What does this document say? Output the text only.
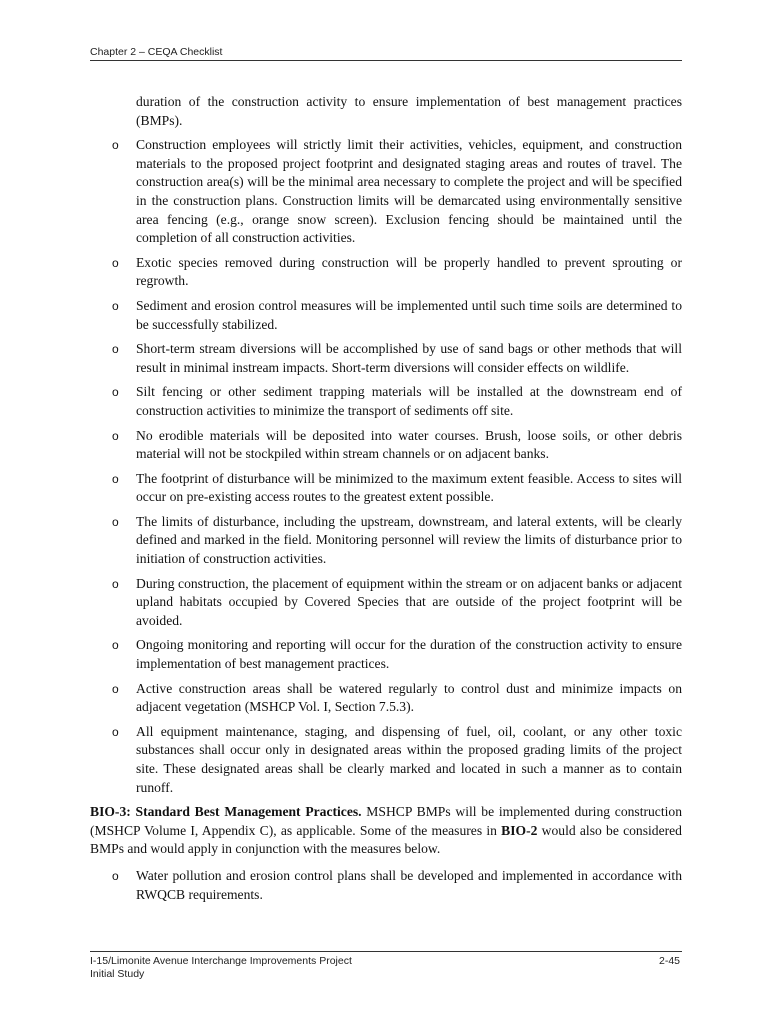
Chapter 2 – CEQA Checklist
duration of the construction activity to ensure implementation of best management practices (BMPs).
o Construction employees will strictly limit their activities, vehicles, equipment, and construction materials to the proposed project footprint and designated staging areas and routes of travel. The construction area(s) will be the minimal area necessary to complete the project and will be specified in the construction plans. Construction limits will be demarcated using environmentally sensitive area fencing (e.g., orange snow screen). Exclusion fencing should be maintained until the completion of all construction activities.
o Exotic species removed during construction will be properly handled to prevent sprouting or regrowth.
o Sediment and erosion control measures will be implemented until such time soils are determined to be successfully stabilized.
o Short-term stream diversions will be accomplished by use of sand bags or other methods that will result in minimal instream impacts. Short-term diversions will consider effects on wildlife.
o Silt fencing or other sediment trapping materials will be installed at the downstream end of construction activities to minimize the transport of sediments off site.
o No erodible materials will be deposited into water courses. Brush, loose soils, or other debris material will not be stockpiled within stream channels or on adjacent banks.
o The footprint of disturbance will be minimized to the maximum extent feasible. Access to sites will occur on pre-existing access routes to the greatest extent possible.
o The limits of disturbance, including the upstream, downstream, and lateral extents, will be clearly defined and marked in the field. Monitoring personnel will review the limits of disturbance prior to initiation of construction activities.
o During construction, the placement of equipment within the stream or on adjacent banks or adjacent upland habitats occupied by Covered Species that are outside of the project footprint will be avoided.
o Ongoing monitoring and reporting will occur for the duration of the construction activity to ensure implementation of best management practices.
o Active construction areas shall be watered regularly to control dust and minimize impacts on adjacent vegetation (MSHCP Vol. I, Section 7.5.3).
o All equipment maintenance, staging, and dispensing of fuel, oil, coolant, or any other toxic substances shall occur only in designated areas within the proposed grading limits of the project site. These designated areas shall be clearly marked and located in such a manner as to contain runoff.

BIO-3: Standard Best Management Practices. MSHCP BMPs will be implemented during construction (MSHCP Volume I, Appendix C), as applicable. Some of the measures in BIO-2 would also be considered BMPs and would apply in conjunction with the measures below.

o Water pollution and erosion control plans shall be developed and implemented in accordance with RWQCB requirements.
I-15/Limonite Avenue Interchange Improvements Project
Initial Study
2-45
